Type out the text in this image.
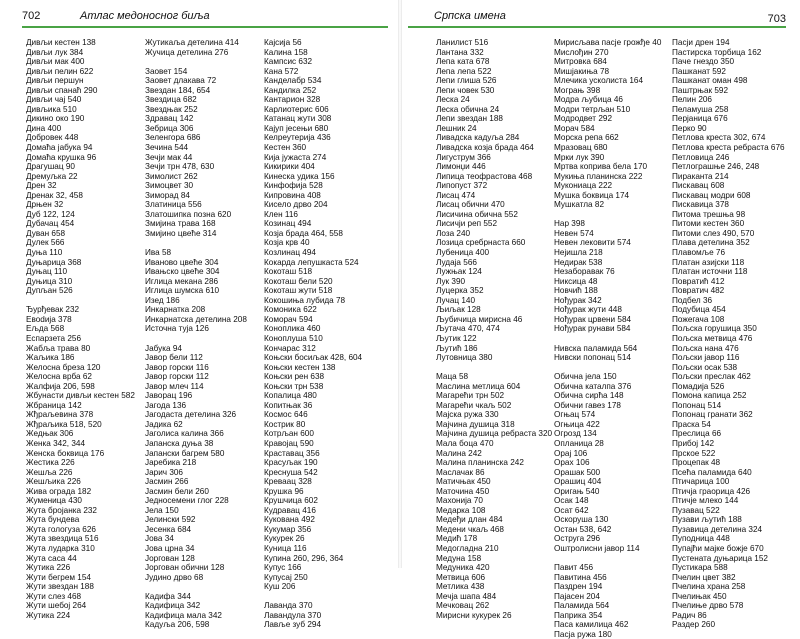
702	Атлас медоносног биља
Дивљи кестен 138
Дивљи лук 384
Дивљи мак 400
Дивљи пелин 622
Дивљи першун
Дивљи спанаћ 290
Дивљи чај 540
Дивљика 510
Дикино око 190
Дина 400
Добровек 448
Домаћа јабука 94
Домаћа крушка 96
Драгушац 90
Дремуљка 22
Дрен 32
Дренак 32, 458
Дрњен 32
Дуб 122, 124
Дубачац 454
Дуван 658
Дулек 566
Дуња 110
Дуњарица 368
Дуњац 110
Дуњица 310
Дупљан 526
Ђурђевак 232
Евоdија 378
Ељда 568
Еспарзета 256
Жабља трава 80
Жаљика 186
Желосна бреза 120
Желосна врба 62
Жалфија 206, 598
Жбунасти дивљи кестен 582
Жбраница 142
Жђраљевина 378
Жђраљика 518, 520
Жедњак 306
Женка 342, 344
Женска боквица 176
Жестика 226
Жешља 226
Жешљика 226
Жива ограда 182
Жуменица 430
Жута бројанка 232
Жута бундева
Жута гологуза 626
Жута звездица 516
Жута лударка 310
Жута саса 44
Жутика 226
Жути бегрем 154
Жути звездан 188
Жути слез 468
Жути шебој 264
Жутика 224
Жутикаља детелина 414
Жучица детелина 276
Заовет 154
Заовет длакава 72
Звездан 184, 654
Звездица 682
Звездњак 252
Здравац 142
Зебрица 306
Зеленгора 686
Зечина 544
Зечји мак 44
Зечји трн 478, 630
Зимолист 262
Зимоцвет 30
Зиморад 84
Златиница 556
Златошипка позна 620
Змијина трава 168
Змијино цвеће 314
Ива 58
Иваново цвеће 304
Ивањско цвеће 304
Иглица мекана 286
Иглица шумска 610
Изед 186
Инкарнатка 208
Инкарнатска детелина 208
Источна туја 126
Јабука 94
Јавор бели 112
Јавор горски 116
Јавор горски 112
Јавор млеч 114
Јаворац 196
Јагода 136
Јагодаста детелина 326
Јадика 62
Јаголиса калина 366
Јапанска дуња 38
Јапански багрем 580
Јаребика 218
Јарич 306
Јасмин 266
Јасмин бели 260
Једносемени глог 228
Јела 150
Јелински 592
Јесенка 684
Јова 34
Јова црна 34
Јоргован 128
Јоргован обични 128
Јудино дрво 68
Кадифа 344
Кадифица 342
Кадифица мала 342
Кадуља 206, 598
Кајсија 56
Калина 158
Кампсис 632
Кана 572
Канделабр 534
Кандилка 252
Кантарион 328
Карлиотерис 606
Катанац жути 308
Кајуп јесењи 680
Келрeутерија 436
Кестен 360
Кија јужаста 274
Кикирики 404
Кинеска удика 156
Кинфофија 528
Кипровина 408
Кисело дрво 204
Клен 116
Козинац 494
Козја брада 464, 558
Козја крв 40
Козлинац 494
Кокарда лепушкаста 524
Кокоташ 518
Кокоташ бели 520
Кокоташ жути 518
Кокошиња лубида 78
Комоника 622
Коморач 594
Коноплика 460
Коноплуша 510
Кончарaс 312
Коњски босиљак 428, 604
Коњски кестен 138
Коњски рен 638
Коњски трн 538
Копалица 480
Копитњак 36
Космос 646
Кострик 80
Котрљан 600
Кравојац 590
Краставац 356
Красуљак 190
Креснуша 542
Креваац 328
Крушка 96
Крушчица 602
Кудравац 416
Кукована 492
Кукумар 356
Кукурек 26
Куница 116
Купина 260, 296, 364
Купус 166
Купусаj 250
Куш 206
Лаванда 370
Лавандула 370
Лавље зуб 294
Српска имена	703
Ланилист 516
Лантана 332
Лепа ката 678
Лепа лепа 522
Лепи глиша 526
Лепи човек 530
Леска 24
Леска обична 24
Лепи звездан 188
Лешник 24
Ливадска кадуља 284
Ливадска козја брада 464
Лигуструм 366
Лимонџи 446
Липица теофрастова 468
Липопуст 372
Лисац 474
Лисац обични 470
Лисичина обична 552
Лисичји реп 552
Лоза 240
Лозица сребрнаста 660
Лубеница 400
Лудаја 566
Лужњак 124
Лук 390
Луцерка 352
Лучац 140
Љиљак 128
Љубичица мирисна 46
Љутача 470, 474
Љутик 122
Љутић 186
Лутовница 380
Маца 58
Маслина метлица 604
Магарећи трн 502
Магарећи чкаљ 502
Мајска ружа 330
Мајчина душица 318
Мајчина душица ребраста 320
Мала боца 470
Малина 242
Малина планинска 242
Маслачак 86
Матичњак 450
Маточина 450
Махонија 70
Медарка 108
Медеђи длан 484
Медени чкаљ 468
Медић 178
Медогладна 210
Медуна 158
Медуника 420
Метвица 606
Метлика 438
Мечја шапа 484
Мечковац 262
Мирисни кукурек 26
Мирисљава пасје грожђе 40
Мислођин 270
Митровка 684
Мишјакиња 78
Млечика усколиста 164
Мограњ 398
Модра љубица 46
Модри тетрљан 510
Модродвет 292
Морач 584
Морска репа 662
Мразовац 680
Мрки лук 390
Мртва коприва бела 170
Мукиња планинска 222
Мукониаца 222
Мушка боквица 174
Мушкатла 82
Нар 398
Невен 574
Невен лековити 574
Нејишла 218
Недирак 538
Незаборавак 76
Никсица 48
Новчић 188
Нођурак 342
Нођурак жути 448
Нођурак црвени 584
Нођурак рунави 584
Нивска паламида 564
Нивски попонац 514
Обична јела 150
Обична каталпа 376
Обична сирћа 148
Обични гавез 178
Огњац 574
Огњица 422
Огрозд 134
Оплaница 28
Орај 106
Орах 106
Орашак 500
Орашиц 404
Оригањ 540
Осак 148
Осат 642
Оскоруша 130
Остан 538, 642
Оструга 296
Оштролисни јавор 114
Павит 456
Павитина 456
Паздрен 194
Пајасен 204
Паламида 564
Паприка 354
Паса камилица 462
Пасја ружа 180
Пасји дрен 194
Пастирска торбица 162
Паче гнездо 350
Пашканат 592
Пашканат оман 498
Паштрњак 592
Пелин 206
Пеламуша 258
Перјаница 676
Перко 90
Петлова креста 302, 674
Петлова креста ребраста 676
Петловица 246
Петлограшње 246, 248
Пираканта 214
Пискавац 608
Пискавац модри 608
Пискавица 378
Питома трешња 98
Питоми кестен 360
Питоми слез 490, 570
Плава детелина 352
Плавомље 76
Платан азијски 118
Платан источни 118
Повратић 412
Повратич 482
Подбел 36
Подубица 454
Пожегача 108
Пољска горушица 350
Пољска метвица 476
Пољска нана 476
Пољски јавор 116
Пољски осак 538
Пољски преслак 462
Помадија 526
Помона капица 252
Попонац 514
Попонац гранати 362
Праска 54
Преслица 66
Прибој 142
Прское 522
Процепак 48
Псећа паламида 640
Птичарица 100
Птичја грaорица 426
Птичје млеко 144
Пузавац 522
Пузави љутић 188
Пузавица детелина 324
Пуподница 448
Пупајћи мајке божје 670
Пустената дуњарица 152
Пустикара 588
Пчелин цвет 382
Пчелина храна 258
Пчелињак 450
Пчелиње дрво 578
Радич 86
Раздер 260
